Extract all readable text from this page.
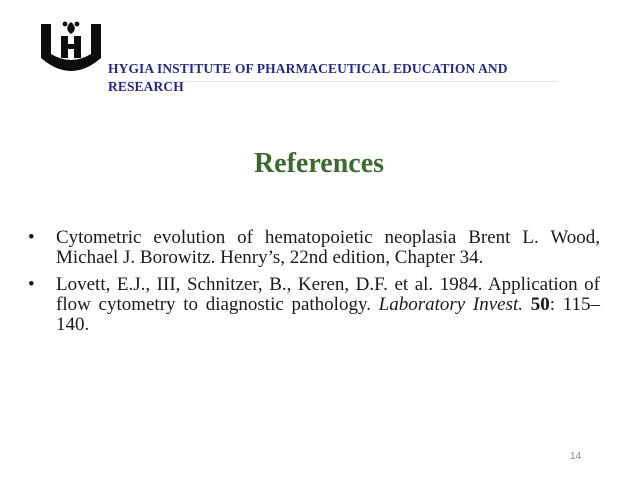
HYGIA INSTITUTE OF PHARMACEUTICAL EDUCATION AND RESEARCH
References
• Cytometric evolution of hematopoietic neoplasia Brent L. Wood, Michael J. Borowitz. Henry’s, 22nd edition, Chapter 34.
• Lovett, E.J., III, Schnitzer, B., Keren, D.F. et al. 1984. Application of flow cytometry to diagnostic pathology. Laboratory Invest. 50: 115–140.
14
